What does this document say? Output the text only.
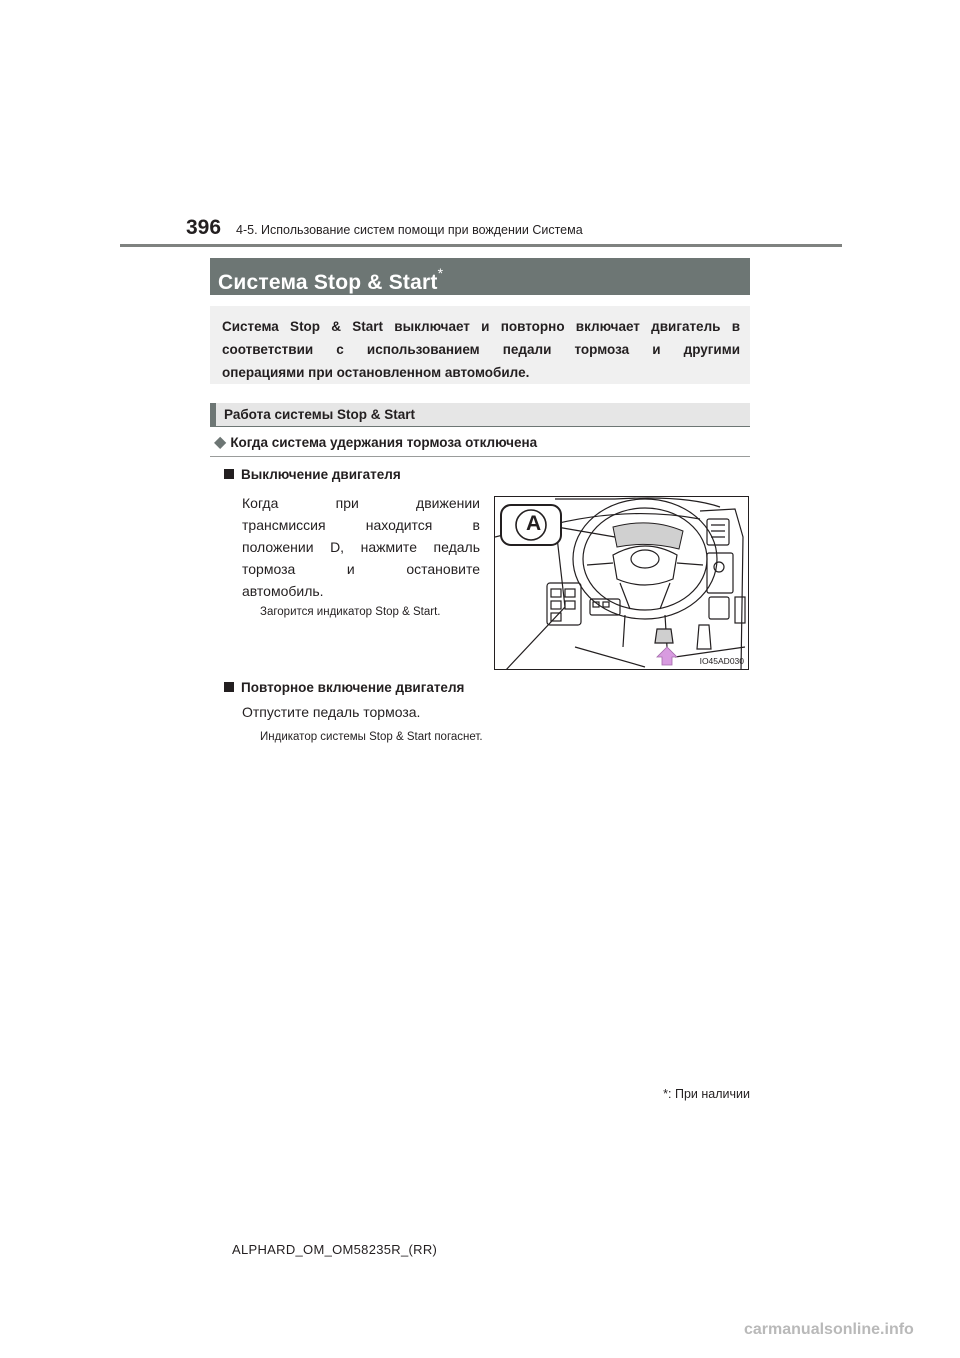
396 4-5. Использование систем помощи при вождении Система
Система Stop & Start*
Система Stop & Start выключает и повторно включает двигатель в
соответствии с использованием педали тормоза и другими
операциями при остановленном автомобиле.
Работа системы Stop & Start
◆ Когда система удержания тормоза отключена
Выключение двигателя
Когда при движении
трансмиссия находится в
положении D, нажмите педаль
тормоза и остановите
автомобиль.
Загорится индикатор Stop & Start.
A
IO45AD030
Повторное включение двигателя
Отпустите педаль тормоза.
Индикатор системы Stop & Start погаснет.
*: При наличии
ALPHARD_OM_OM58235R_(RR)
carmanualsonline.info
